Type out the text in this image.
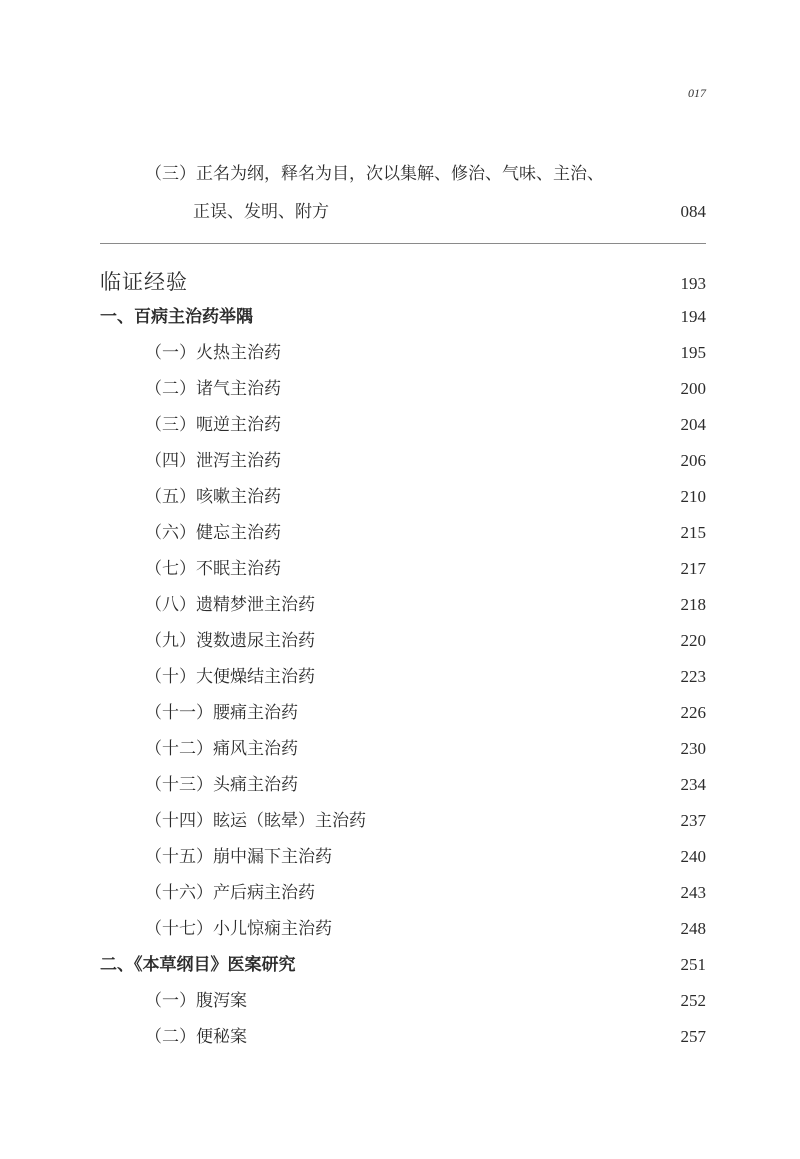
017
（三）正名为纲，释名为目，次以集解、修治、气味、主治、
正误、发明、附方	084
临证经验	193
一、百病主治药举隅	194
（一）火热主治药	195
（二）诸气主治药	200
（三）呃逆主治药	204
（四）泄泻主治药	206
（五）咳嗽主治药	210
（六）健忘主治药	215
（七）不眠主治药	217
（八）遗精梦泄主治药	218
（九）溲数遗尿主治药	220
（十）大便燥结主治药	223
（十一）腰痛主治药	226
（十二）痛风主治药	230
（十三）头痛主治药	234
（十四）眩运（眩晕）主治药	237
（十五）崩中漏下主治药	240
（十六）产后病主治药	243
（十七）小儿惊痫主治药	248
二、《本草纲目》医案研究	251
（一）腹泻案	252
（二）便秘案	257
